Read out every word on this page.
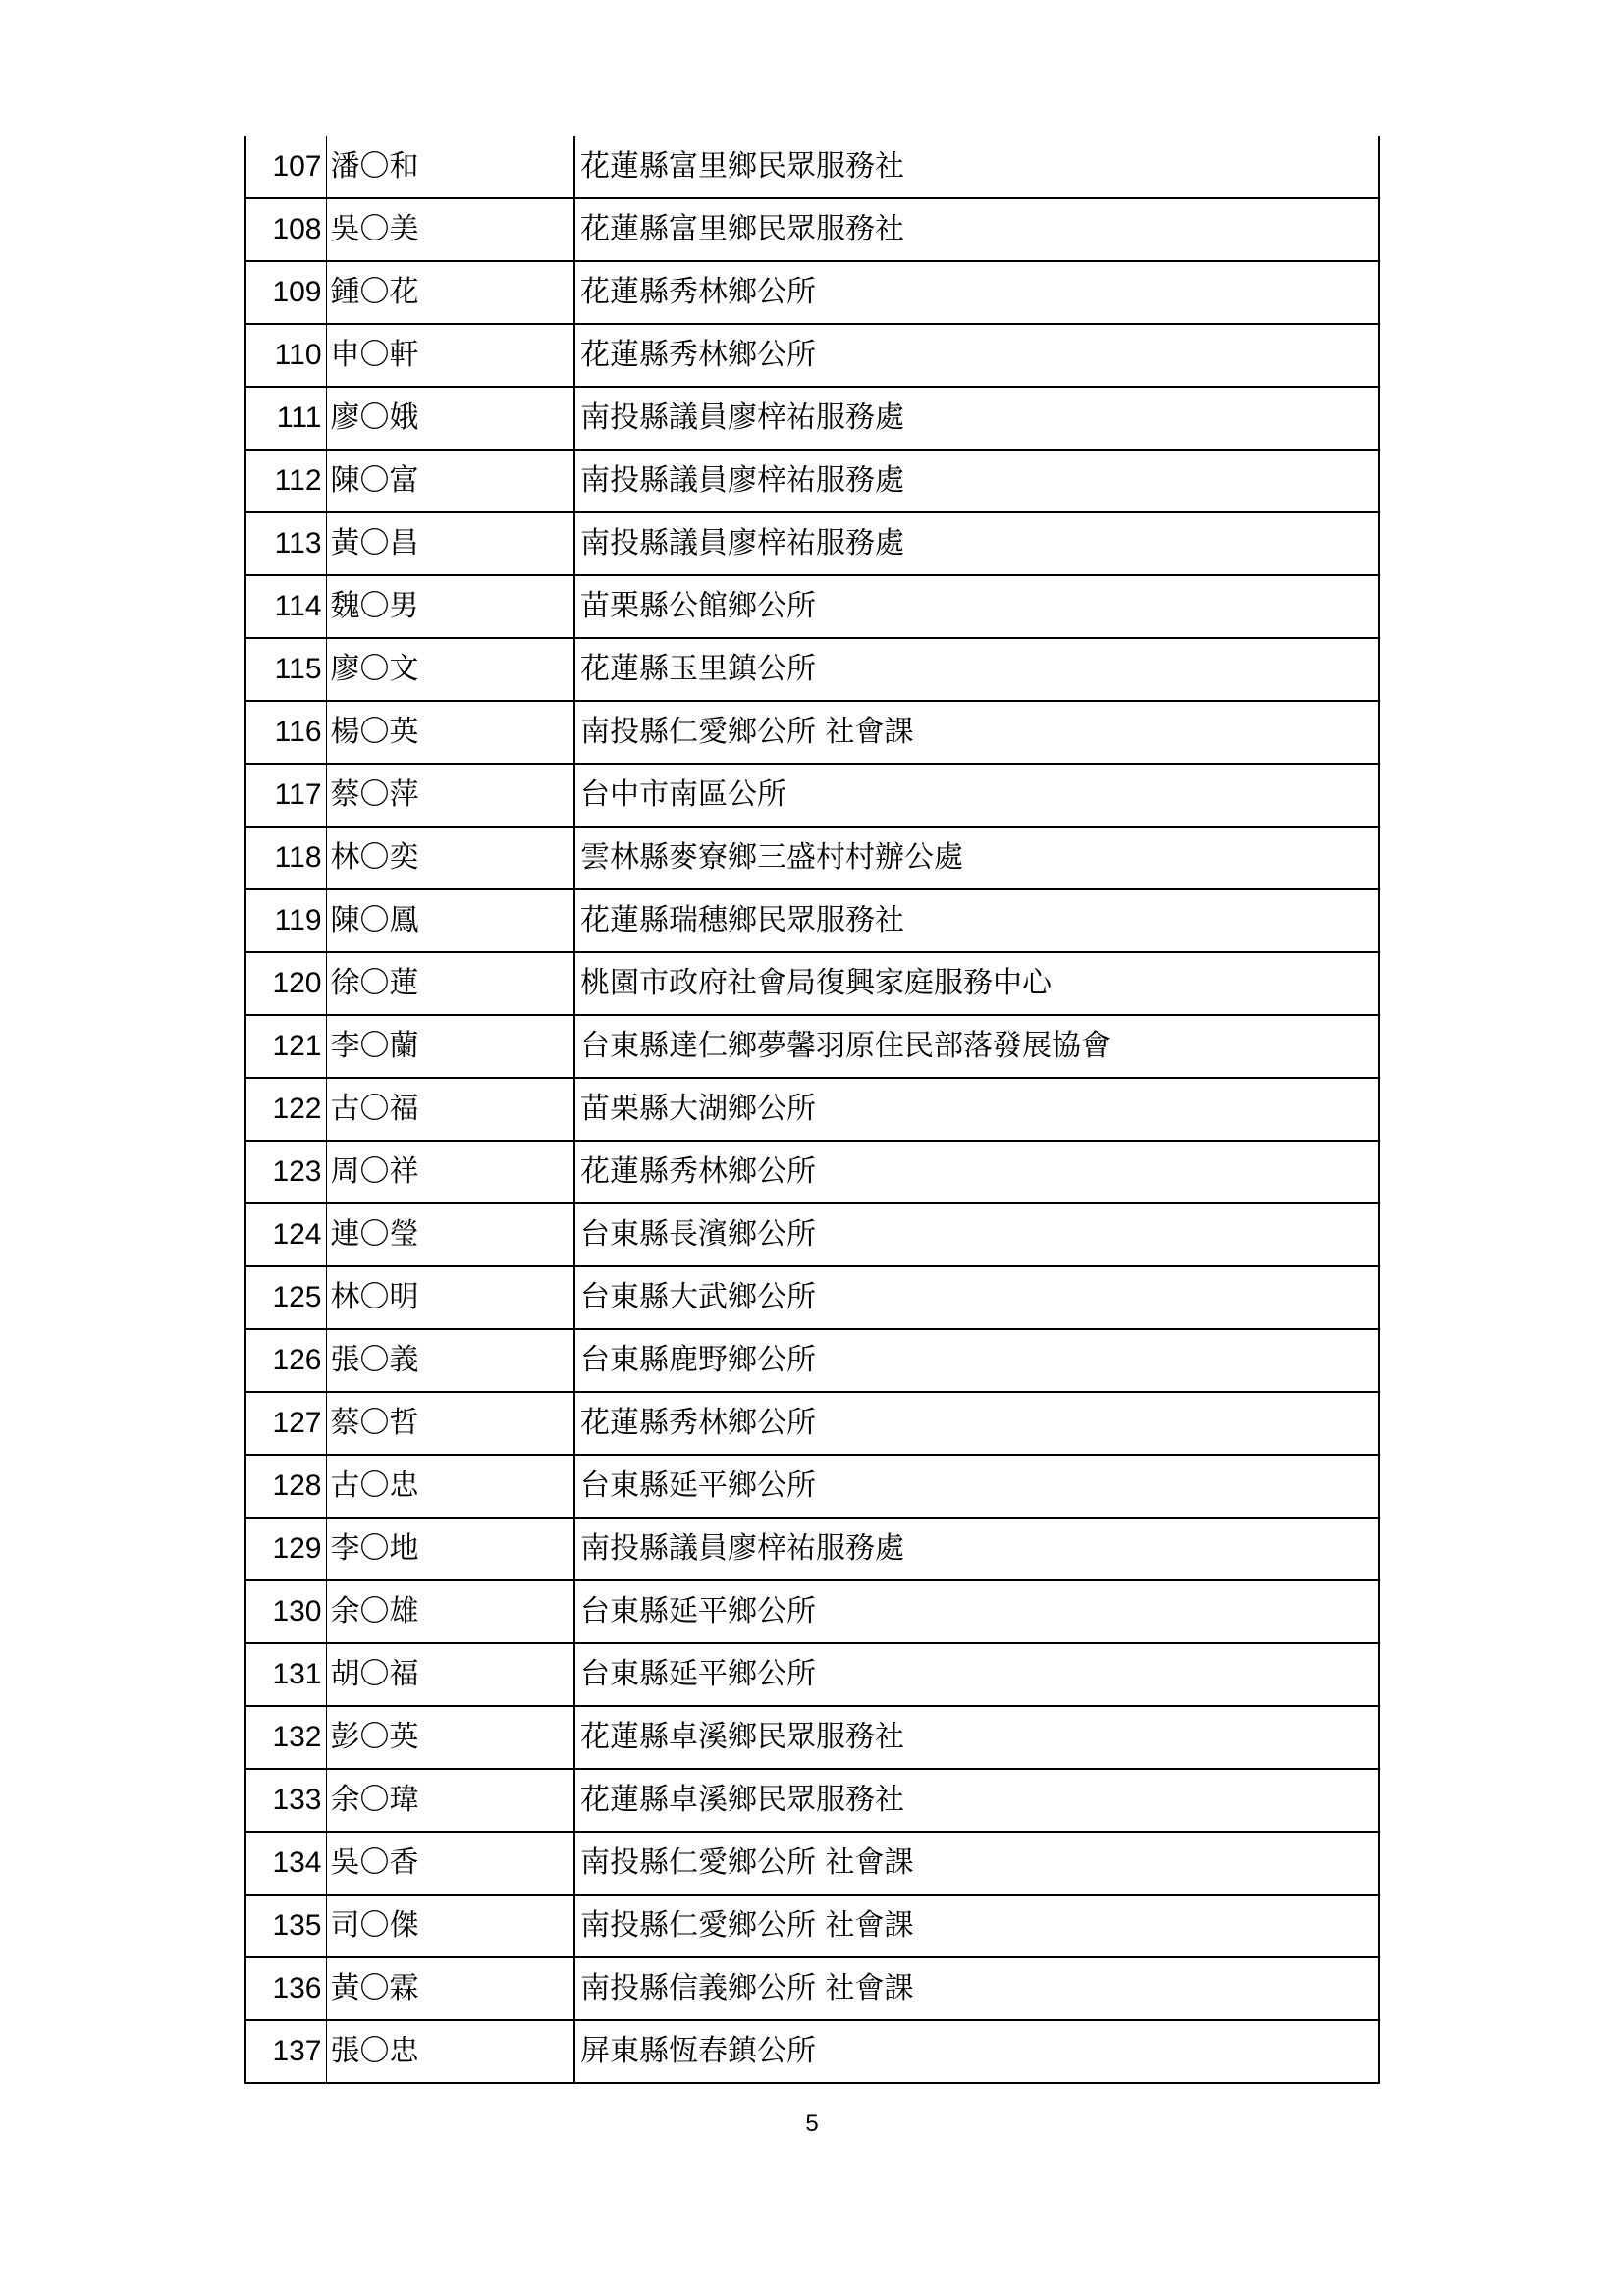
107	潘〇和	花蓮縣富里鄉民眾服務社
108	吳〇美	花蓮縣富里鄉民眾服務社
109	鍾〇花	花蓮縣秀林鄉公所
110	申〇軒	花蓮縣秀林鄉公所
111	廖〇娥	南投縣議員廖梓祐服務處
112	陳〇富	南投縣議員廖梓祐服務處
113	黃〇昌	南投縣議員廖梓祐服務處
114	魏〇男	苗栗縣公館鄉公所
115	廖〇文	花蓮縣玉里鎮公所
116	楊〇英	南投縣仁愛鄉公所 社會課
117	蔡〇萍	台中市南區公所
118	林〇奕	雲林縣麥寮鄉三盛村村辦公處
119	陳〇鳳	花蓮縣瑞穗鄉民眾服務社
120	徐〇蓮	桃園市政府社會局復興家庭服務中心
121	李〇蘭	台東縣達仁鄉夢馨羽原住民部落發展協會
122	古〇福	苗栗縣大湖鄉公所
123	周〇祥	花蓮縣秀林鄉公所
124	連〇瑩	台東縣長濱鄉公所
125	林〇明	台東縣大武鄉公所
126	張〇義	台東縣鹿野鄉公所
127	蔡〇哲	花蓮縣秀林鄉公所
128	古〇忠	台東縣延平鄉公所
129	李〇地	南投縣議員廖梓祐服務處
130	余〇雄	台東縣延平鄉公所
131	胡〇福	台東縣延平鄉公所
132	彭〇英	花蓮縣卓溪鄉民眾服務社
133	余〇瑋	花蓮縣卓溪鄉民眾服務社
134	吳〇香	南投縣仁愛鄉公所 社會課
135	司〇傑	南投縣仁愛鄉公所 社會課
136	黃〇霖	南投縣信義鄉公所 社會課
137	張〇忠	屏東縣恆春鎮公所
5
